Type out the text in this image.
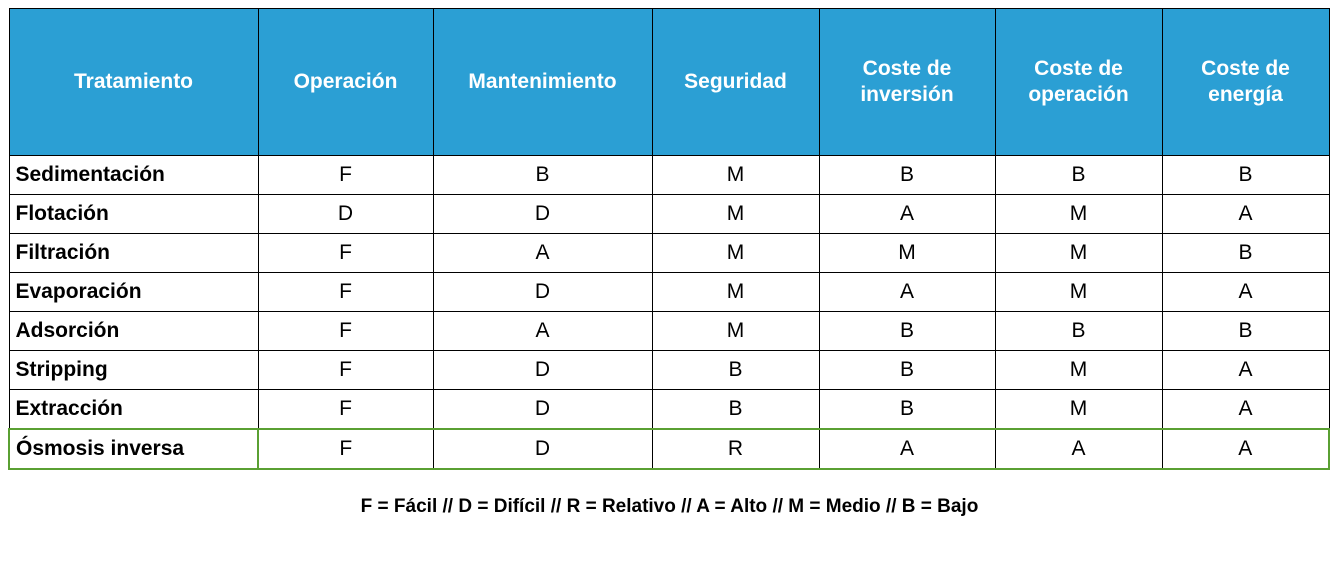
Tratamiento	Operación	Mantenimiento	Seguridad	Coste de inversión	Coste de operación	Coste de energía
Sedimentación	F	B	M	B	B	B
Flotación	D	D	M	A	M	A
Filtración	F	A	M	M	M	B
Evaporación	F	D	M	A	M	A
Adsorción	F	A	M	B	B	B
Stripping	F	D	B	B	M	A
Extracción	F	D	B	B	M	A
Ósmosis inversa	F	D	R	A	A	A
F = Fácil // D = Difícil // R = Relativo // A = Alto // M = Medio // B = Bajo
